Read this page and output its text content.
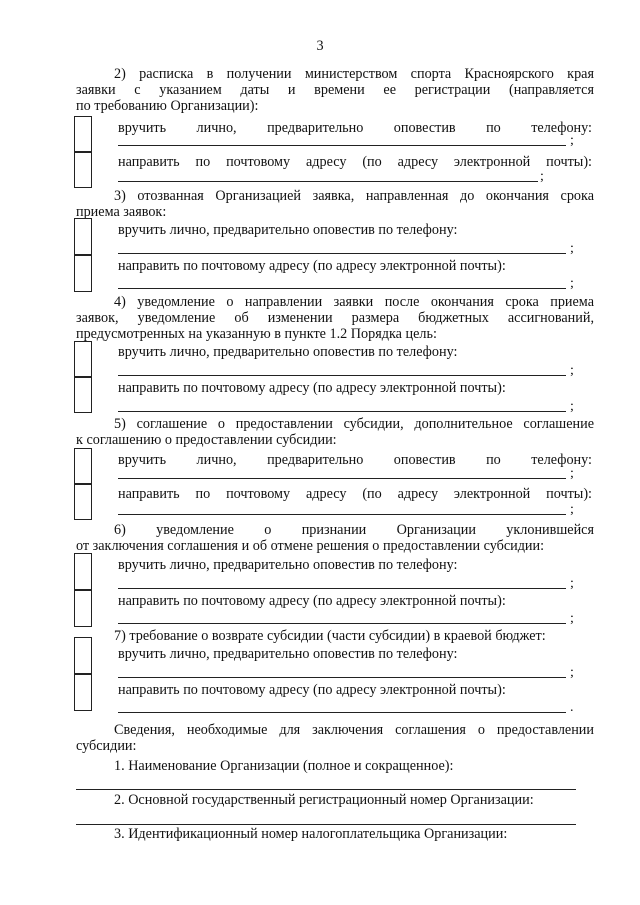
3
2) расписка в получении министерством спорта Красноярского края
заявки с указанием даты и времени ее регистрации (направляется
по требованию Организации):
вручить лично, предварительно оповестив по телефону:
;
направить по почтовому адресу (по адресу электронной почты):
;
3) отозванная Организацией заявка, направленная до окончания срока
приема заявок:
вручить лично, предварительно оповестив по телефону:
;
направить по почтовому адресу (по адресу электронной почты):
;
4) уведомление о направлении заявки после окончания срока приема
заявок, уведомление об изменении размера бюджетных ассигнований,
предусмотренных на указанную в пункте 1.2 Порядка цель:
вручить лично, предварительно оповестив по телефону:
;
направить по почтовому адресу (по адресу электронной почты):
;
5) соглашение о предоставлении субсидии, дополнительное соглашение
к соглашению о предоставлении субсидии:
вручить лично, предварительно оповестив по телефону:
;
направить по почтовому адресу (по адресу электронной почты):
;
6) уведомление о признании Организации уклонившейся
от заключения соглашения и об отмене решения о предоставлении субсидии:
вручить лично, предварительно оповестив по телефону:
;
направить по почтовому адресу (по адресу электронной почты):
;
7) требование о возврате субсидии (части субсидии) в краевой бюджет:
вручить лично, предварительно оповестив по телефону:
;
направить по почтовому адресу (по адресу электронной почты):
.
Сведения, необходимые для заключения соглашения о предоставлении
субсидии:
1. Наименование Организации (полное и сокращенное):
2. Основной государственный регистрационный номер Организации:
3. Идентификационный номер налогоплательщика Организации:
